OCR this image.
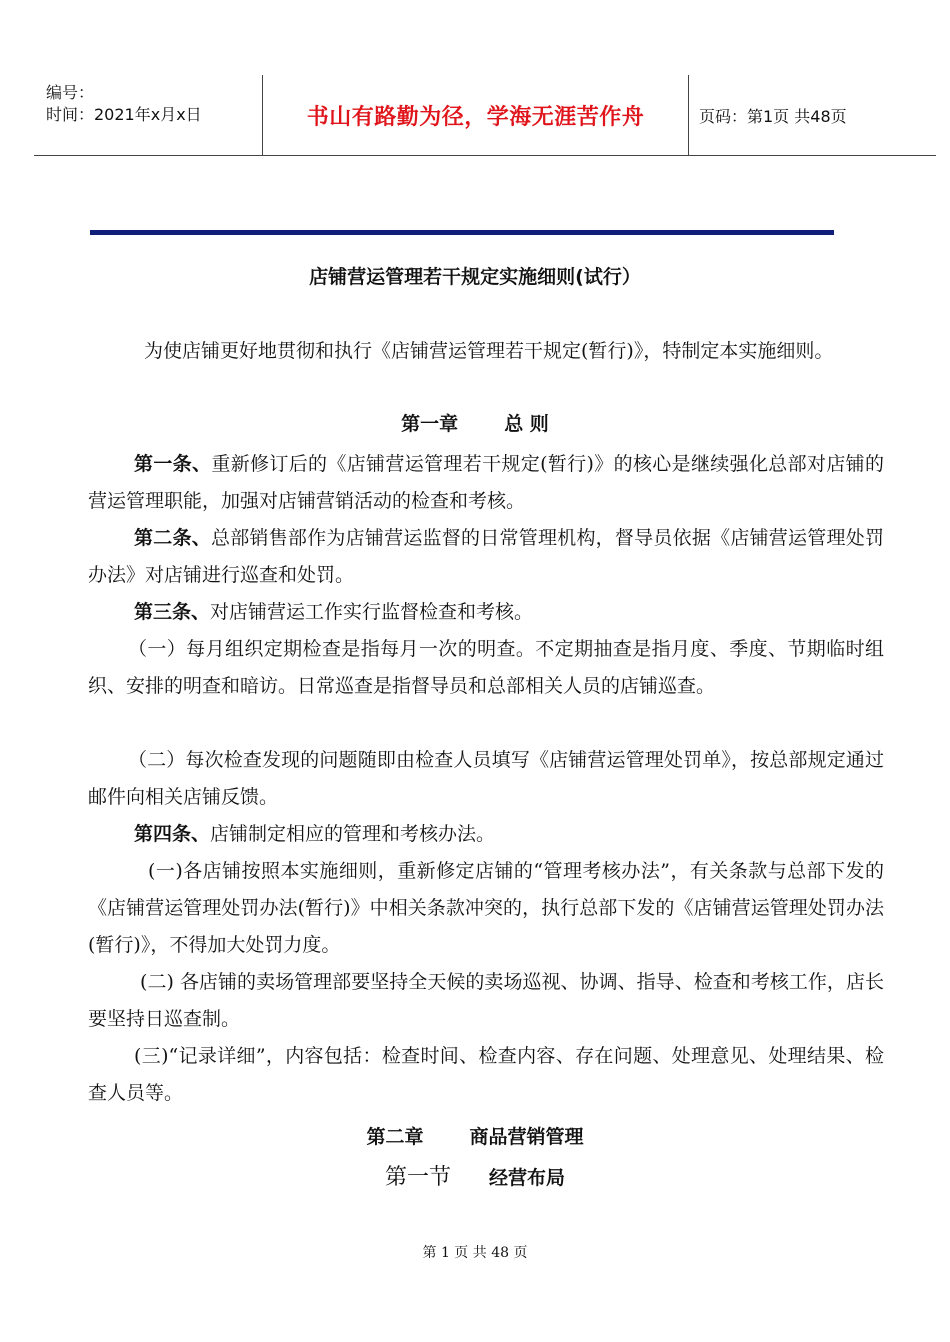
编号：
时间：2021年x月x日	书山有路勤为径，学海无涯苦作舟	页码：第1页 共48页
店铺营运管理若干规定实施细则(试行）
为使店铺更好地贯彻和执行《店铺营运管理若干规定(暂行)》，特制定本实施细则。
第一章 总 则
第一条、重新修订后的《店铺营运管理若干规定(暂行)》的核心是继续强化总部对店铺的营运管理职能，加强对店铺营销活动的检查和考核。
第二条、总部销售部作为店铺营运监督的日常管理机构，督导员依据《店铺营运管理处罚办法》对店铺进行巡查和处罚。
第三条、对店铺营运工作实行监督检查和考核。
（一）每月组织定期检查是指每月一次的明查。不定期抽查是指月度、季度、节期临时组织、安排的明查和暗访。日常巡查是指督导员和总部相关人员的店铺巡查。
（二）每次检查发现的问题随即由检查人员填写《店铺营运管理处罚单》，按总部规定通过邮件向相关店铺反馈。
第四条、店铺制定相应的管理和考核办法。
(一)各店铺按照本实施细则，重新修定店铺的“管理考核办法”，有关条款与总部下发的《店铺营运管理处罚办法(暂行)》中相关条款冲突的，执行总部下发的《店铺营运管理处罚办法(暂行)》，不得加大处罚力度。
(二) 各店铺的卖场管理部要坚持全天候的卖场巡视、协调、指导、检查和考核工作，店长要坚持日巡查制。
(三)“记录详细”，内容包括：检查时间、检查内容、存在问题、处理意见、处理结果、检查人员等。
第二章 商品营销管理
第一节 经营布局
第 1 页 共 48 页
